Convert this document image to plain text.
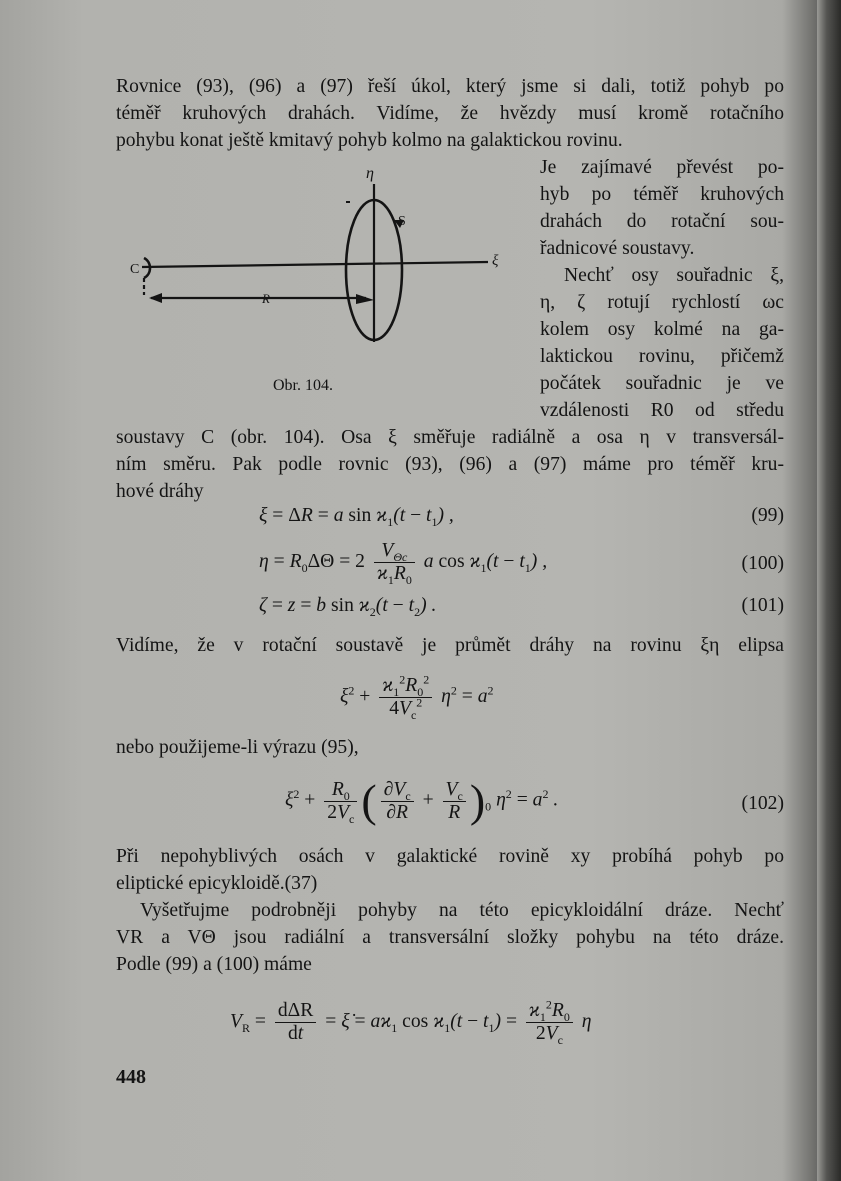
Rovnice (93), (96) a (97) řeší úkol, který jsme si dali, totiž pohyb po
téměř kruhových drahách. Vidíme, že hvězdy musí kromě rotačního
pohybu konat ještě kmitavý pohyb kolmo na galaktickou rovinu.
η
S
ξ
C
R
Obr. 104.
Je zajímavé převést po-
hyb po téměř kruhových
drahách do rotační sou-
řadnicové soustavy.
Nechť osy souřadnic ξ,
η, ζ rotují rychlostí ωc
kolem osy kolmé na ga-
laktickou rovinu, přičemž
počátek souřadnic je ve
vzdálenosti R0 od středu
soustavy C (obr. 104). Osa ξ směřuje radiálně a osa η v transversál-
ním směru. Pak podle rovnic (93), (96) a (97) máme pro téměř kru-
hové dráhy
ξ = ΔR = a $\sin ϰ_1(t - t_1)$ ,	(99)
$\eta = R_0\Delta\Theta = 2 \frac{V_{\Theta c}}{ϰ_1R_0}$ a $\cos ϰ_1(t - t_1)$ ,	(100)
ζ = z = b $\sin ϰ_2(t - t_2)$ .	(101)
Vidíme, že v rotační soustavě je průmět dráhy na rovinu ξη elipsa
$\xi^2 + \frac{ϰ_1^2R_0^2}{4V_c^2} \eta^2 = a^2$
nebo použijeme-li výrazu (95),
$\xi^2 + \frac{R_0}{2V_c}$ ( $\frac{\partial V_c}{\partial R} + \frac{V_c}{R} )_0$ $\eta^2 = a^2$ .	(102)
Při nepohyblivých osách v galaktické rovině xy probíhá pohyb po
eliptické epicykloidě.(37)
Vyšetřujme podrobněji pohyby na této epicykloidální dráze. Nechť
VR a VΘ jsou radiální a transversální složky pohybu na této dráze.
Podle (99) a (100) máme
$V_R = \frac{\text{dΔR}}{dt}$ = ξ̇ = $aϰ_1$ $\cos ϰ_1(t - t_1) = \frac{ϰ_1^2R_0}{2V_c}$ η
448
